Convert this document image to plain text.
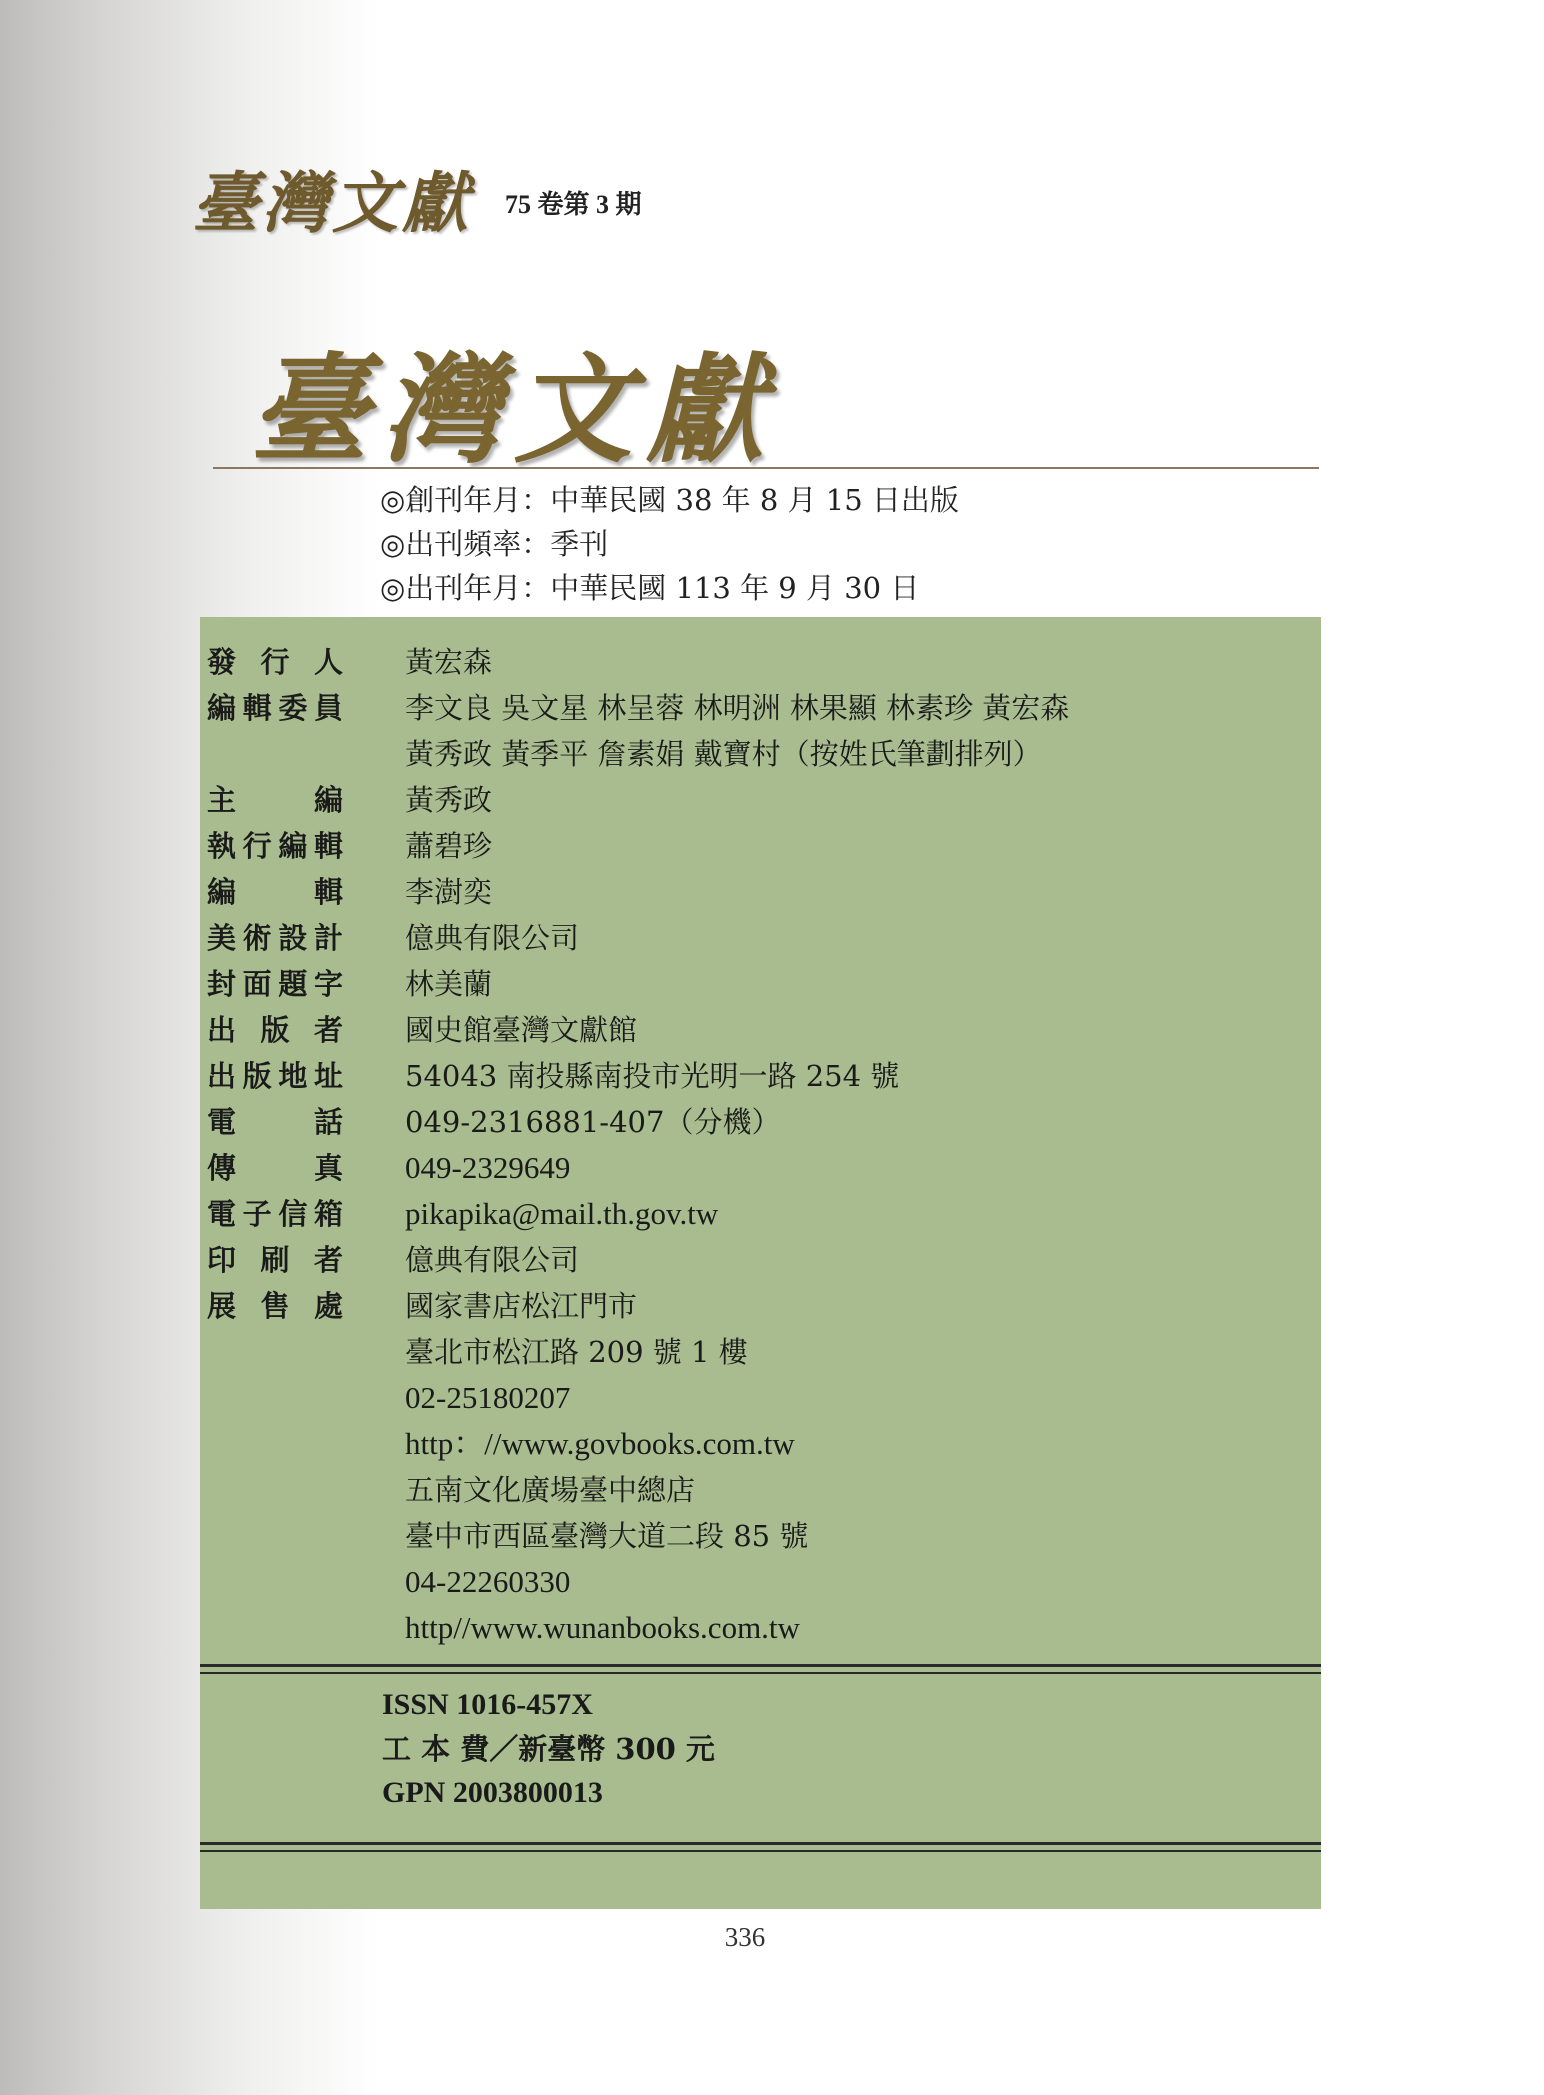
臺灣文獻 75 卷第 3 期
臺灣文獻
◎創刊年月：中華民國 38 年 8 月 15 日出版
◎出刊頻率：季刊
◎出刊年月：中華民國 113 年 9 月 30 日
發行人 黃宏森
編輯委員 李文良 吳文星 林呈蓉 林明洲 林果顯 林素珍 黃宏森
黃秀政 黃季平 詹素娟 戴寶村（按姓氏筆劃排列）
主編 黃秀政
執行編輯 蕭碧珍
編輯 李澍奕
美術設計 億典有限公司
封面題字 林美蘭
出版者 國史館臺灣文獻館
出版地址 54043 南投縣南投市光明一路 254 號
電話 049-2316881-407（分機）
傳真 049-2329649
電子信箱 pikapika@mail.th.gov.tw
印刷者 億典有限公司
展售處 國家書店松江門市
臺北市松江路 209 號 1 樓
02-25180207
http：//www.govbooks.com.tw
五南文化廣場臺中總店
臺中市西區臺灣大道二段 85 號
04-22260330
http//www.wunanbooks.com.tw
ISSN 1016-457X
工 本 費／新臺幣 300 元
GPN 2003800013
336
